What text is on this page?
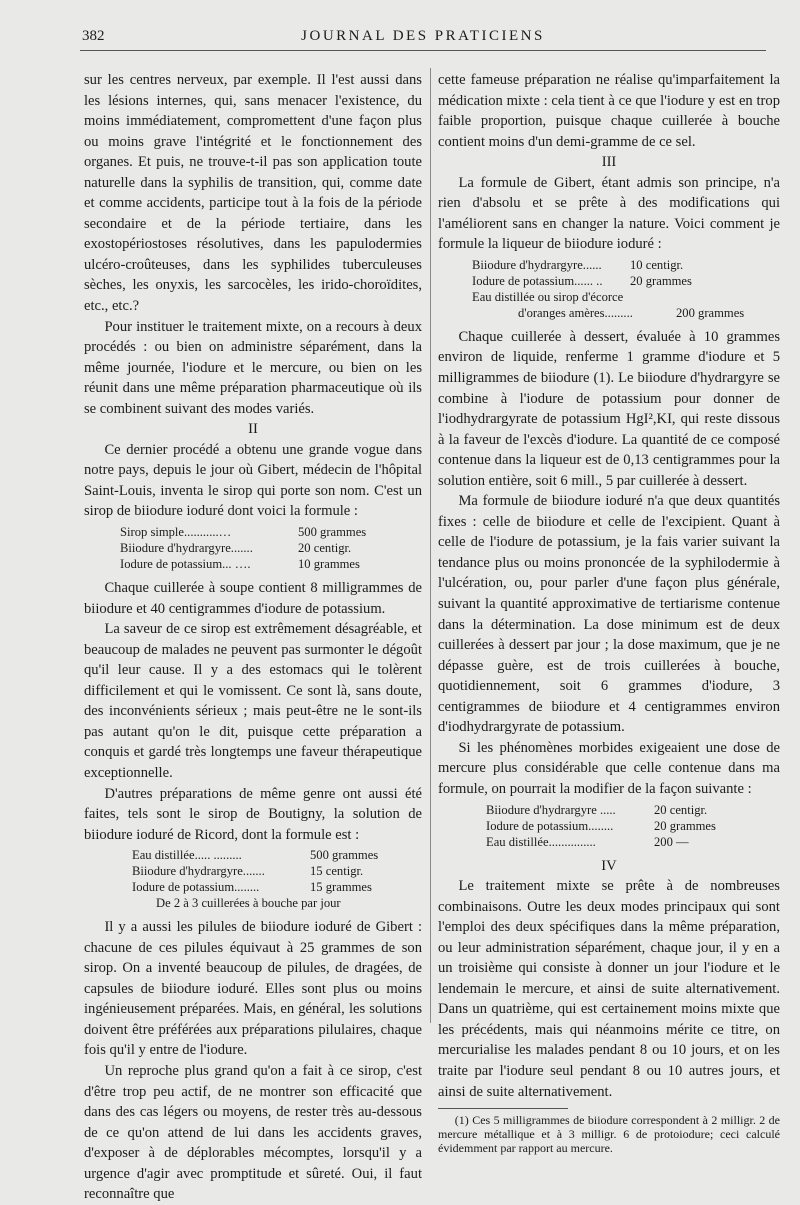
382	JOURNAL DES PRATICIENS

sur les centres nerveux, par exemple. Il l'est aussi dans les lésions internes, qui, sans menacer l'existence, du moins immédiatement, compromettent d'une façon plus ou moins grave l'intégrité et le fonctionnement des organes. Et puis, ne trouve-t-il pas son application toute naturelle dans la syphilis de transition, qui, comme date et comme accidents, participe tout à la fois de la période secondaire et de la période tertiaire, dans les exostopériostoses résolutives, dans les papulodermies ulcéro-croûteuses, dans les syphilides tuberculeuses sèches, les onyxis, les sarcocèles, les irido-choroïdites, etc., etc.?

Pour instituer le traitement mixte, on a recours à deux procédés : ou bien on administre séparément, dans la même journée, l'iodure et le mercure, ou bien on les réunit dans une même préparation pharmaceutique où ils se combinent suivant des modes variés.

II

Ce dernier procédé a obtenu une grande vogue dans notre pays, depuis le jour où Gibert, médecin de l'hôpital Saint-Louis, inventa le sirop qui porte son nom. C'est un sirop de biiodure ioduré dont voici la formule :

Sirop simple...........…	500 grammes
Biiodure d'hydrargyre.......	20 centigr.
Iodure de potassium... ….	10 grammes

Chaque cuillerée à soupe contient 8 milligrammes de biiodure et 40 centigrammes d'iodure de potassium.

La saveur de ce sirop est extrêmement désagréable, et beaucoup de malades ne peuvent pas surmonter le dégoût qu'il leur cause. Il y a des estomacs qui le tolèrent difficilement et qui le vomissent. Ce sont là, sans doute, des inconvénients sérieux ; mais peut-être ne le sont-ils pas autant qu'on le dit, puisque cette préparation a conquis et gardé très longtemps une faveur thérapeutique exceptionnelle.

D'autres préparations de même genre ont aussi été faites, tels sont le sirop de Boutigny, la solution de biiodure ioduré de Ricord, dont la formule est :

Eau distillée..... .........	500 grammes
Biiodure d'hydrargyre.......	15 centigr.
Iodure de potassium........	15 grammes
De 2 à 3 cuillerées à bouche par jour

Il y a aussi les pilules de biiodure ioduré de Gibert : chacune de ces pilules équivaut à 25 grammes de son sirop. On a inventé beaucoup de pilules, de dragées, de capsules de biiodure ioduré. Elles sont plus ou moins ingénieusement préparées. Mais, en général, les solutions doivent être préférées aux préparations pilulaires, chaque fois qu'il y entre de l'iodure.

Un reproche plus grand qu'on a fait à ce sirop, c'est d'être trop peu actif, de ne montrer son efficacité que dans des cas légers ou moyens, de rester très au-dessous de ce qu'on attend de lui dans les accidents graves, d'exposer à de déplorables mécomptes, lorsqu'il y a urgence d'agir avec promptitude et sûreté. Oui, il faut reconnaître que

cette fameuse préparation ne réalise qu'imparfaitement la médication mixte : cela tient à ce que l'iodure y est en trop faible proportion, puisque chaque cuillerée à bouche contient moins d'un demi-gramme de ce sel.

III

La formule de Gibert, étant admis son principe, n'a rien d'absolu et se prête à des modifications qui l'améliorent sans en changer la nature. Voici comment je formule la liqueur de biiodure ioduré :

Biiodure d'hydrargyre......	10 centigr.
Iodure de potassium...... ..	20 grammes
Eau distillée ou sirop d'écorce
d'oranges amères.........	200 grammes

Chaque cuillerée à dessert, évaluée à 10 grammes environ de liquide, renferme 1 gramme d'iodure et 5 milligrammes de biiodure (1). Le biiodure d'hydrargyre se combine à l'iodure de potassium pour donner de l'iodhydrargyrate de potassium HgI²,KI, qui reste dissous à la faveur de l'excès d'iodure. La quantité de ce composé contenue dans la liqueur est de 0,13 centigrammes pour la solution entière, soit 6 mill., 5 par cuillerée à dessert.

Ma formule de biiodure ioduré n'a que deux quantités fixes : celle de biiodure et celle de l'excipient. Quant à celle de l'iodure de potassium, je la fais varier suivant la tendance plus ou moins prononcée de la syphilodermie à l'ulcération, ou, pour parler d'une façon plus générale, suivant la quantité approximative de tertiarisme contenue dans la détermination. La dose minimum est de deux cuillerées à dessert par jour ; la dose maximum, que je ne dépasse guère, est de trois cuillerées à bouche, quotidiennement, soit 6 grammes d'iodure, 3 centigrammes de biiodure et 4 centigrammes environ d'iodhydrargyrate de potassium.

Si les phénomènes morbides exigeaient une dose de mercure plus considérable que celle contenue dans ma formule, on pourrait la modifier de la façon suivante :

Biiodure d'hydrargyre .....	20 centigr.
Iodure de potassium........	20 grammes
Eau distillée...............	200 —
IV

Le traitement mixte se prête à de nombreuses combinaisons. Outre les deux modes principaux qui sont l'emploi des deux spécifiques dans la même préparation, ou leur administration séparément, chaque jour, il y en a un troisième qui consiste à donner un jour l'iodure et le lendemain le mercure, et ainsi de suite alternativement. Dans un quatrième, qui est certainement moins mixte que les précédents, mais qui néanmoins mérite ce titre, on mercurialise les malades pendant 8 ou 10 jours, et on les traite par l'iodure seul pendant 8 ou 10 autres jours, et ainsi de suite alternativement.

(1) Ces 5 milligrammes de biiodure correspondent à 2 milligr. 2 de mercure métallique et à 3 milligr. 6 de protoiodure; ceci calculé évidemment par rapport au mercure.
